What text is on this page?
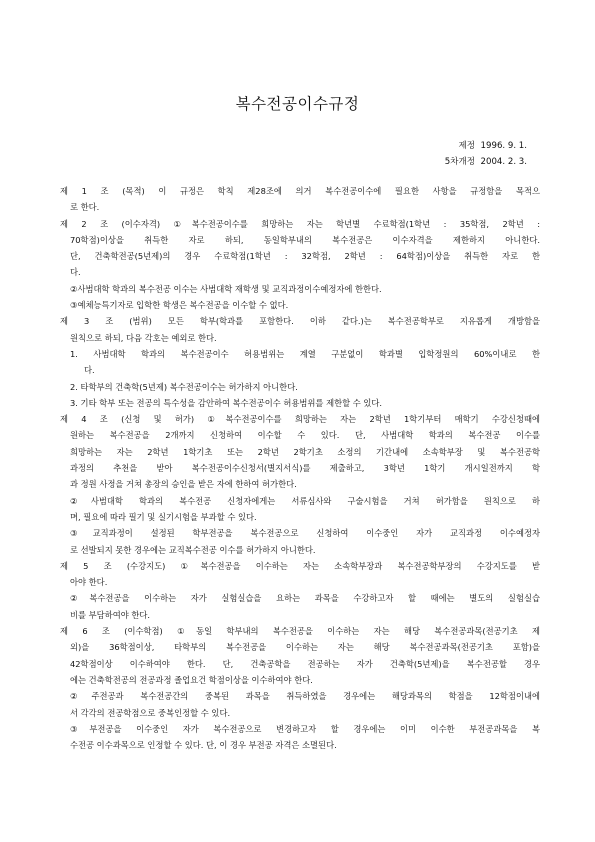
복수전공이수규정
제정  1996. 9. 1.
5차개정  2004. 2. 3.
제 1 조 (목적) 이 규정은 학칙 제28조에 의거 복수전공이수에 필요한 사항을 규정함을 목적으
로 한다.
제 2 조 (이수자격) ①복수전공이수를 희망하는 자는 학년별 수료학점(1학년 : 35학점, 2학년 :
70학점)이상을 취득한 자로 하되, 동일학부내의 복수전공은 이수자격을 제한하지 아니한다.
단, 건축학전공(5년제)의 경우 수료학점(1학년 : 32학점, 2학년 : 64학점)이상을 취득한 자로 한
다.
②사범대학 학과의 복수전공 이수는 사범대학 재학생 및 교직과정이수예정자에 한한다.
③예체능특기자로 입학한 학생은 복수전공을 이수할 수 없다.
제 3 조 (범위) 모든 학부(학과를 포함한다. 이하 같다.)는 복수전공학부로 지유롭게 개방함을
원칙으로 하되, 다음 각호는 예외로 한다.
1. 사범대학 학과의 복수전공이수 허용범위는 계열 구분없이 학과별 입학정원의 60%이내로 한
다.
2. 타학부의 건축학(5년제) 복수전공이수는 허가하지 아니한다.
3. 기타 학부 또는 전공의 특수성을 감안하여 복수전공이수 허용범위를 제한할 수 있다.
제 4 조 (신청 및 허가) ①복수전공이수를 희망하는 자는 2학년 1학기부터 매학기 수강신청때에
원하는 복수전공을 2개까지 신청하여 이수할 수 있다. 단, 사범대학 학과의 복수전공 이수를
희망하는 자는 2학년 1학기초 또는 2학년 2학기초 소정의 기간내에 소속학부장 및 복수전공학
과정의 추천을 받아 복수전공이수신청서(별지서식)를 제출하고, 3학년 1학기 개시일전까지 학
과 정원 사정을 거쳐 총장의 승인을 받은 자에 한하여 허가한다.
②사범대학 학과의 복수전공 신청자에게는 서류심사와 구술시험을 거쳐 허가함을 원칙으로 하
며, 필요에 따라 필기 및 실기시험을 부과할 수 있다.
③교직과정이 설정된 학부전공을 복수전공으로 신청하여 이수중인 자가 교직과정 이수예정자
로 선발되지 못한 경우에는 교직복수전공 이수를 허가하지 아니한다.
제 5 조 (수강지도) ①복수전공을 이수하는 자는 소속학부장과 복수전공학부장의 수강지도를 받
아야 한다.
②복수전공을 이수하는 자가 실험실습을 요하는 과목을 수강하고자 할 때에는 별도의 실험실습
비를 부담하여야 한다.
제 6 조 (이수학점) ①동일 학부내의 복수전공을 이수하는 자는 해당 복수전공과목(전공기초 제
외)을 36학점이상, 타학부의 복수전공을 이수하는 자는 해당 복수전공과목(전공기초 포함)을
42학점이상 이수하여야 한다. 단, 건축공학을 전공하는 자가 건축학(5년제)을 복수전공할 경우
에는 건축학전공의 전공과정 졸업요건 학점이상을 이수하여야 한다.
②주전공과 복수전공간의 중복된 과목을 취득하였을 경우에는 해당과목의 학점을 12학점이내에
서 각각의 전공학점으로 중복인정할 수 있다.
③부전공을 이수중인 자가 복수전공으로 변경하고자 할 경우에는 이미 이수한 부전공과목을 복
수전공 이수과목으로 인정할 수 있다. 단, 이 경우 부전공 자격은 소멸된다.
